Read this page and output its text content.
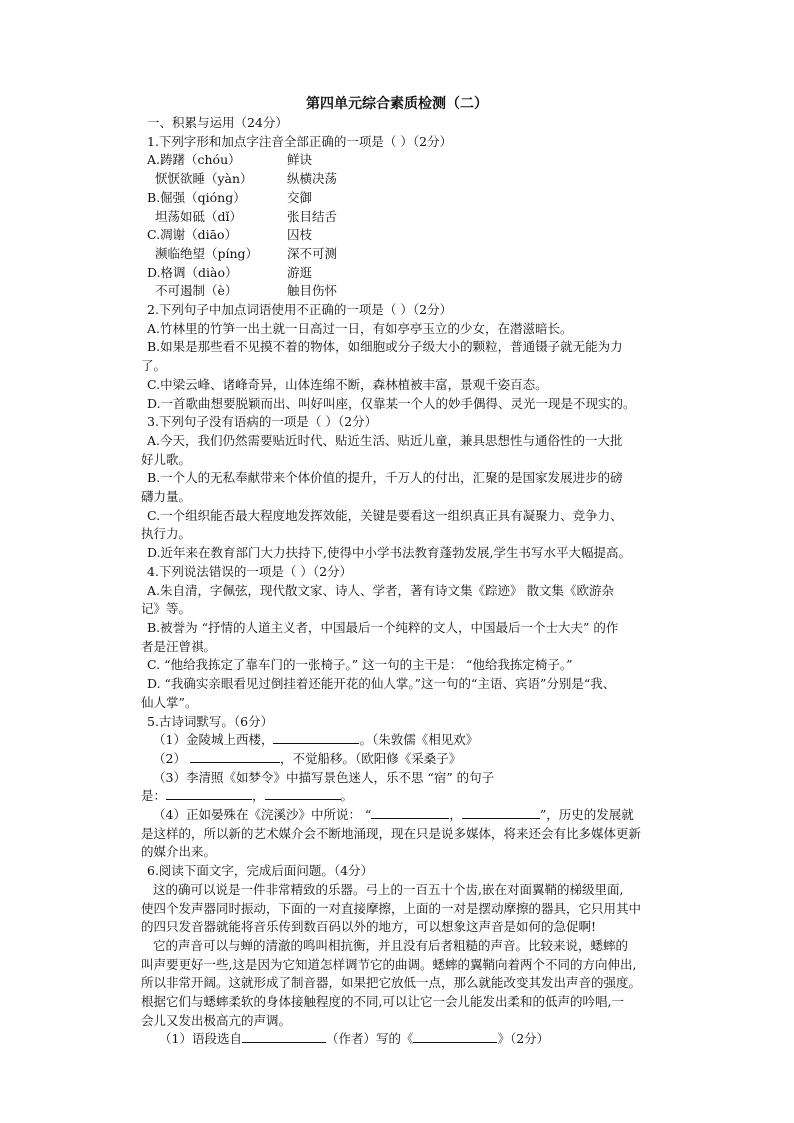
第四单元综合素质检测（二）
一、积累与运用（24分）
1.下列字形和加点字注音全部正确的一项是（ ）（2分）
A.踌躇（chóu）	鲜诀
恹恹欲睡（yàn）	纵横决荡
B.倔强（qióng）	交御
坦荡如砥（dǐ）	张目结舌
C.凋谢（diāo）	囚枝
濒临绝望（píng）	深不可测
D.格调（diào）	游逛
不可遏制（è）	触目伤怀
2.下列句子中加点词语使用不正确的一项是（ ）（2分）
A.竹林里的竹笋一出土就一日高过一日，有如亭亭玉立的少女，在潜滋暗长。
B.如果是那些看不见摸不着的物体，如细胞或分子级大小的颗粒，普通镊子就无能为力
了。
C.中梁云峰、诸峰奇异，山体连绵不断，森林植被丰富，景观千姿百态。
D.一首歌曲想要脱颖而出、叫好叫座，仅靠某一个人的妙手偶得、灵光一现是不现实的。
3.下列句子没有语病的一项是（ ）（2分）
A.今天，我们仍然需要贴近时代、贴近生活、贴近儿童，兼具思想性与通俗性的一大批
好儿歌。
B.一个人的无私奉献带来个体价值的提升，千万人的付出，汇聚的是国家发展进步的磅
礴力量。
C.一个组织能否最大程度地发挥效能，关键是要看这一组织真正具有凝聚力、竞争力、
执行力。
D.近年来在教育部门大力扶持下,使得中小学书法教育蓬勃发展,学生书写水平大幅提高。
4.下列说法错误的一项是（ ）（2分）
A.朱自清，字佩弦，现代散文家、诗人、学者，著有诗文集《踪迹》 散文集《欧游杂
记》等。
B.被誉为 “抒情的人道主义者，中国最后一个纯粹的文人，中国最后一个士大夫” 的作
者是汪曾祺。
C. “他给我拣定了靠车门的一张椅子。” 这一句的主干是： “他给我拣定椅子。”
D. “我确实亲眼看见过倒挂着还能开花的仙人掌。”这一句的“主语、宾语”分别是“我、
仙人掌”。
5.古诗词默写。（6分）
（1）金陵城上西楼，	。（朱敦儒《相见欢》
（2）	，不觉船移。（欧阳修《采桑子》
（3）李清照《如梦令》中描写景色迷人，乐不思 “宿” 的句子
是：	，	。
（4）正如晏殊在《浣溪沙》中所说： “	，	”，历史的发展就
是这样的，所以新的艺术媒介会不断地涌现，现在只是说多媒体，将来还会有比多媒体更新
的媒介出来。
6.阅读下面文字，完成后面问题。（4分）
这的确可以说是一件非常精致的乐器。弓上的一百五十个齿,嵌在对面翼鞘的梯级里面,
使四个发声器同时振动，下面的一对直接摩擦，上面的一对是摆动摩擦的器具，它只用其中
的四只发音器就能将音乐传到数百码以外的地方，可以想象这声音是如何的急促啊!
它的声音可以与蝉的清澈的鸣叫相抗衡，并且没有后者粗糙的声音。比较来说，蟋蟀的
叫声要更好一些,这是因为它知道怎样调节它的曲调。蟋蟀的翼鞘向着两个不同的方向伸出,
所以非常开阔。这就形成了制音器，如果把它放低一点，那么就能改变其发出声音的强度。
根据它们与蟋蟀柔软的身体接触程度的不同,可以让它一会儿能发出柔和的低声的吟唱,一
会儿又发出极高亢的声调。
（1）语段选自	（作者）写的《	》（2分）
